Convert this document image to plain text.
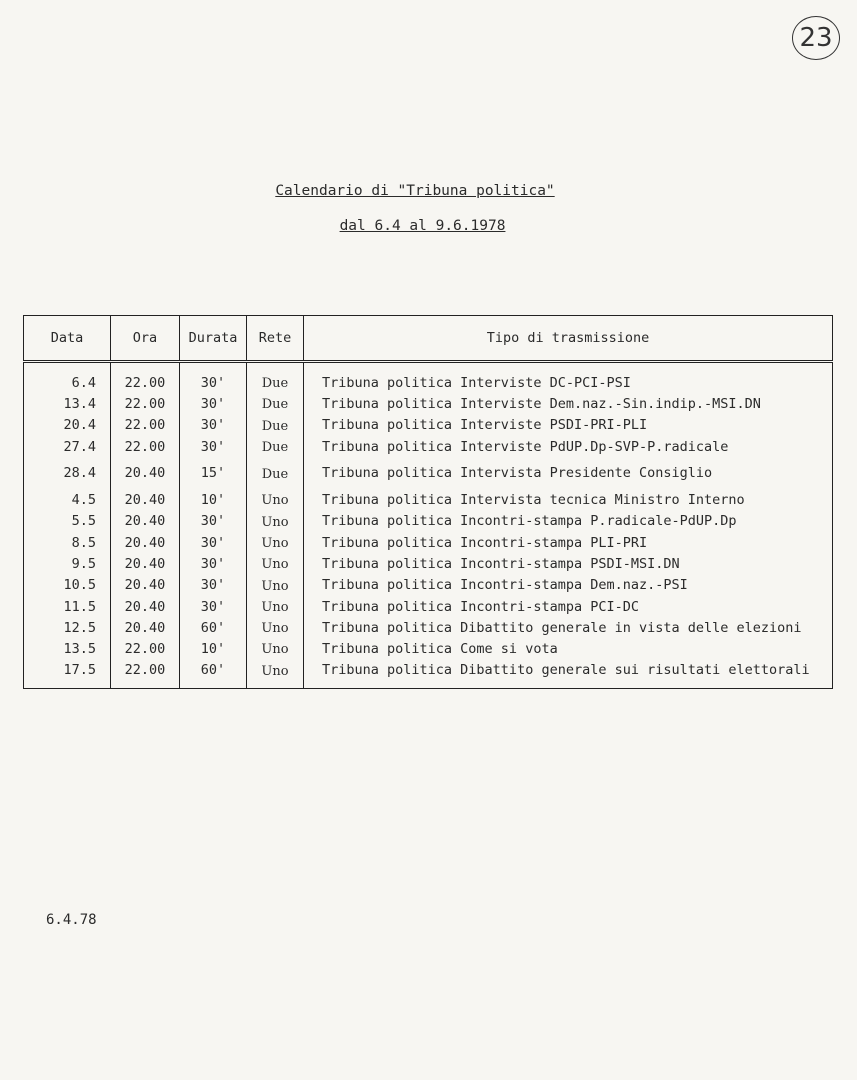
23
Calendario di "Tribuna politica"
dal 6.4 al 9.6.1978
Data	Ora	Durata	Rete	Tipo di trasmissione

6.4	22.00	30'	Due	Tribuna politica Interviste DC-PCI-PSI
13.4	22.00	30'	Due	Tribuna politica Interviste Dem.naz.-Sin.indip.-MSI.DN
20.4	22.00	30'	Due	Tribuna politica Interviste PSDI-PRI-PLI
27.4	22.00	30'	Due	Tribuna politica Interviste PdUP.Dp-SVP-P.radicale
28.4	20.40	15'	Due	Tribuna politica Intervista Presidente Consiglio
4.5	20.40	10'	Uno	Tribuna politica Intervista tecnica Ministro Interno
5.5	20.40	30'	Uno	Tribuna politica Incontri-stampa P.radicale-PdUP.Dp
8.5	20.40	30'	Uno	Tribuna politica Incontri-stampa PLI-PRI
9.5	20.40	30'	Uno	Tribuna politica Incontri-stampa PSDI-MSI.DN
10.5	20.40	30'	Uno	Tribuna politica Incontri-stampa Dem.naz.-PSI
11.5	20.40	30'	Uno	Tribuna politica Incontri-stampa PCI-DC
12.5	20.40	60'	Uno	Tribuna politica Dibattito generale in vista delle elezioni
13.5	22.00	10'	Uno	Tribuna politica Come si vota
17.5	22.00	60'	Uno	Tribuna politica Dibattito generale sui risultati elettorali
6.4.78
